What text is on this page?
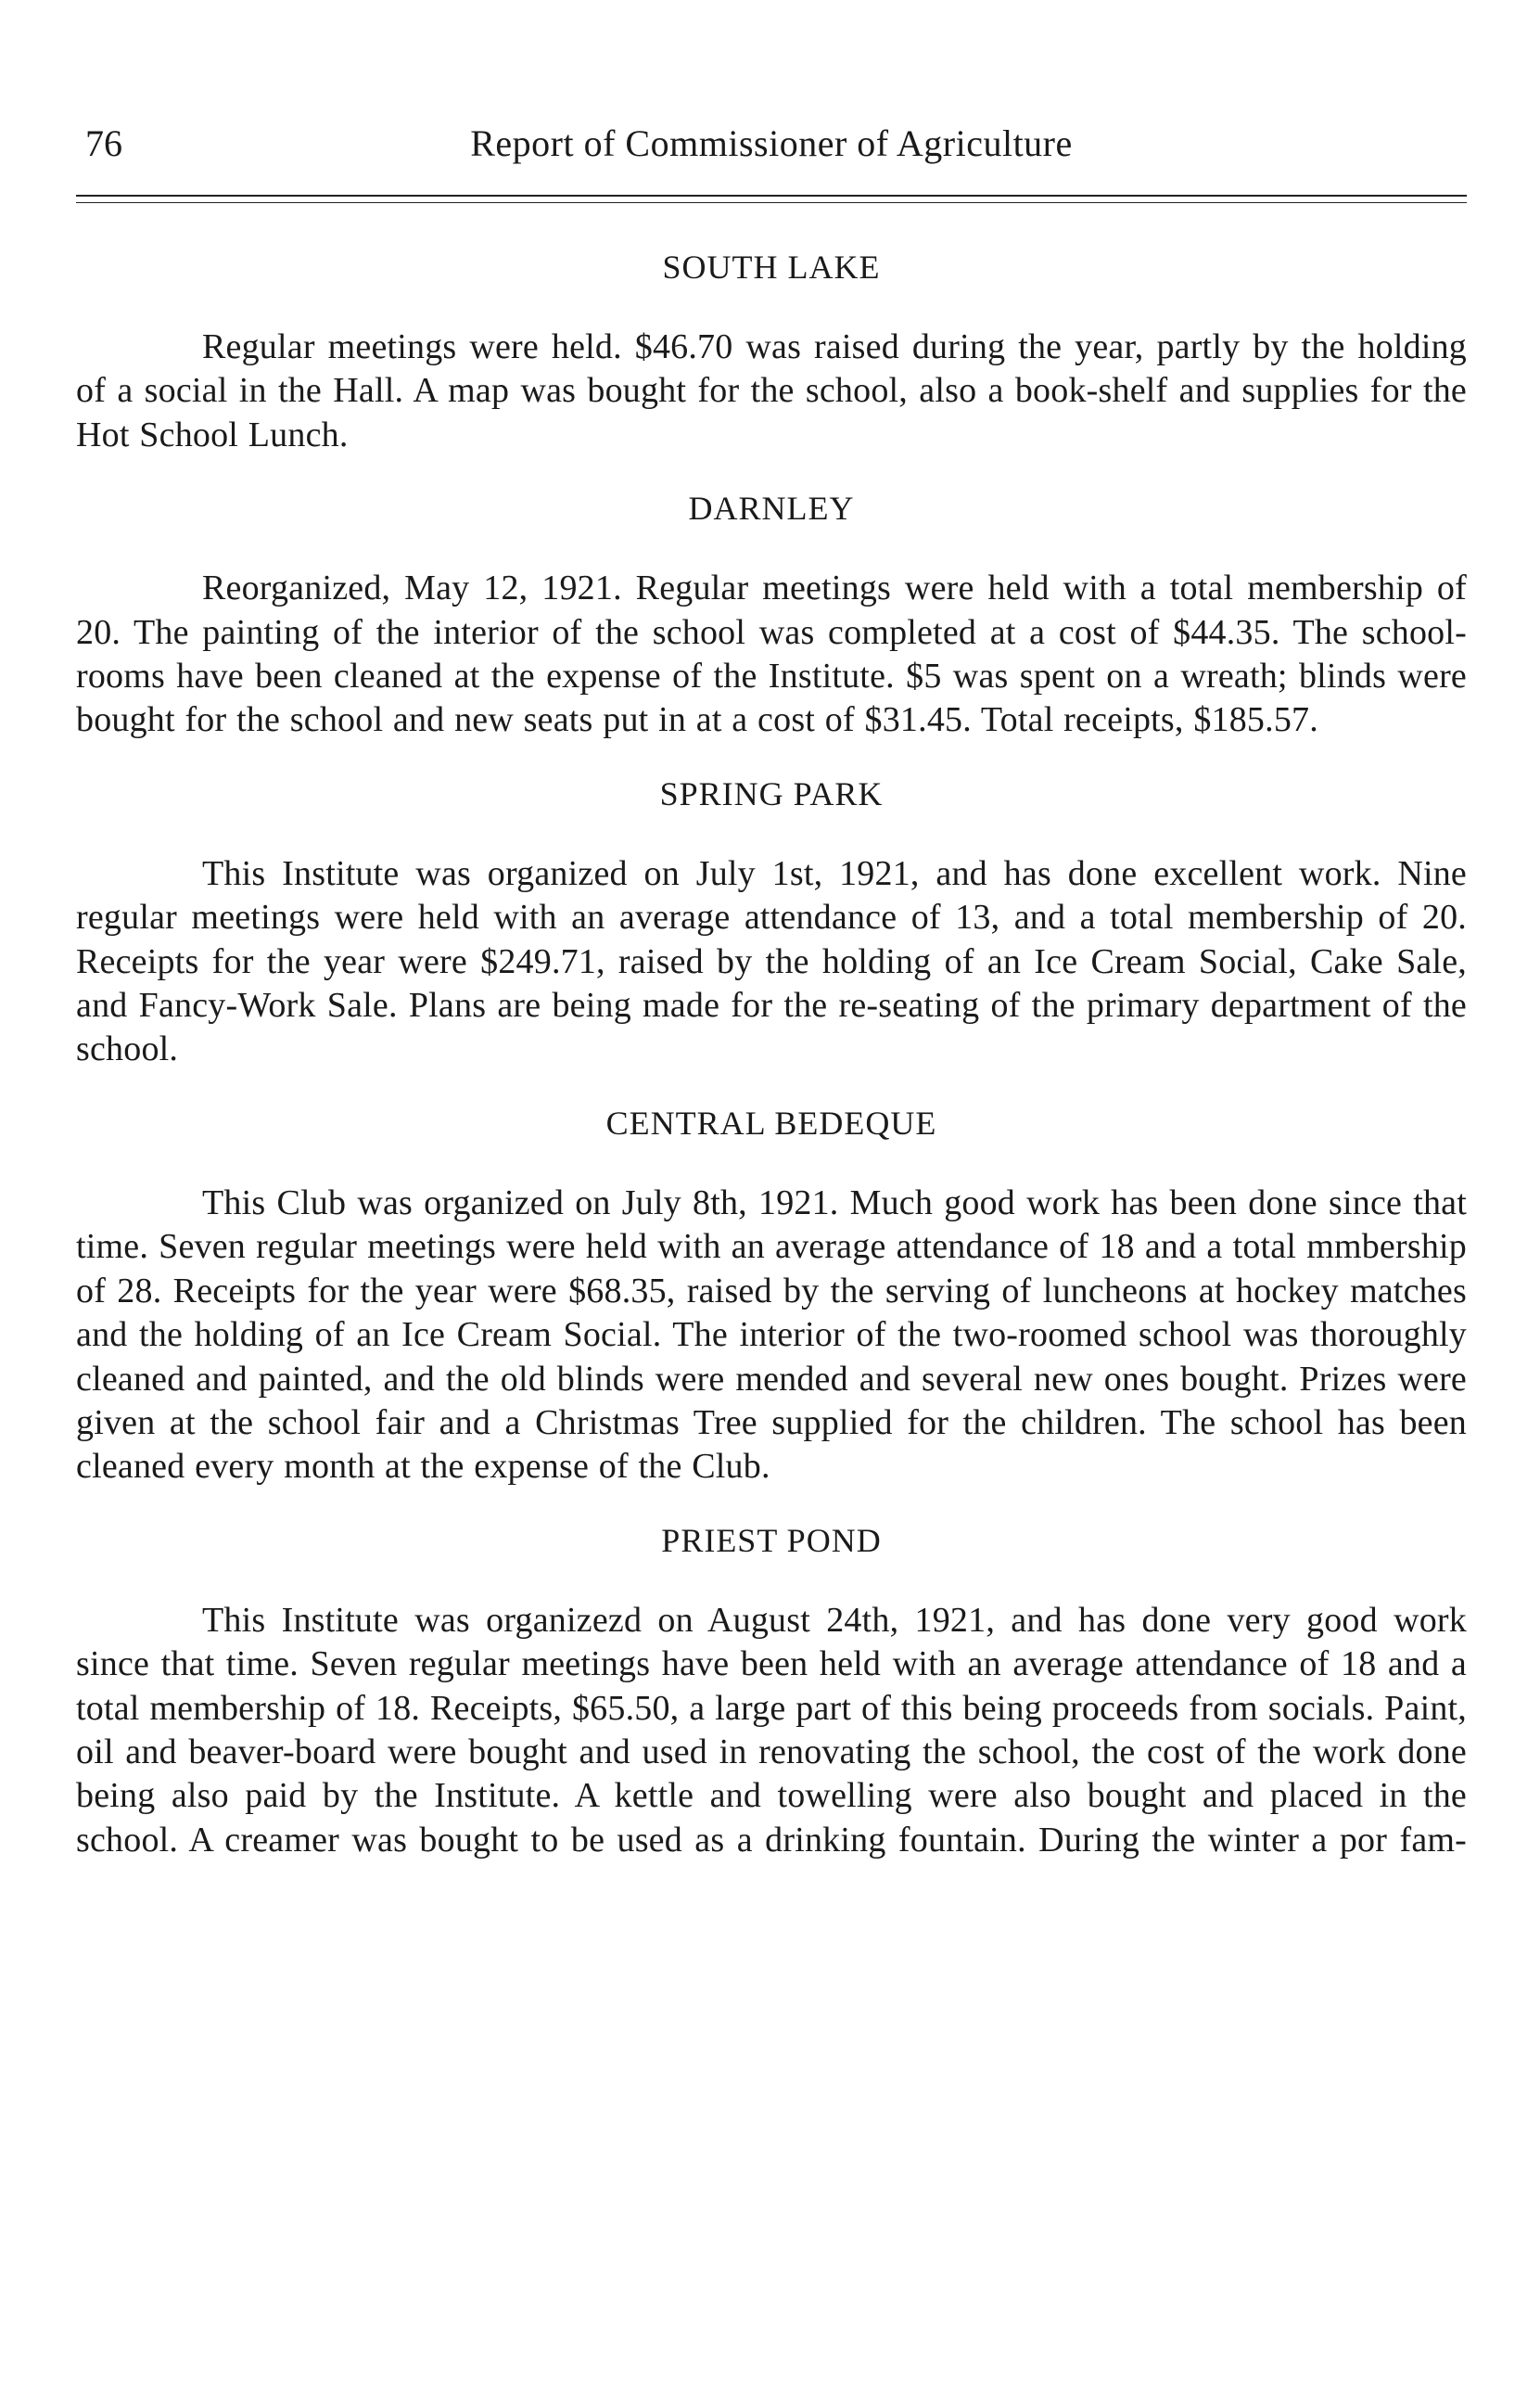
76	Report of Commissioner of Agriculture
SOUTH LAKE

Regular meetings were held. $46.70 was raised during the year, partly by the holding of a social in the Hall. A map was bought for the school, also a book-shelf and supplies for the Hot School Lunch.

DARNLEY

Reorganized, May 12, 1921. Regular meetings were held with a total membership of 20. The painting of the interior of the school was completed at a cost of $44.35. The school-rooms have been cleaned at the expense of the Institute. $5 was spent on a wreath; blinds were bought for the school and new seats put in at a cost of $31.45. Total receipts, $185.57.

SPRING PARK

This Institute was organized on July 1st, 1921, and has done excellent work. Nine regular meetings were held with an average attendance of 13, and a total membership of 20. Receipts for the year were $249.71, raised by the holding of an Ice Cream Social, Cake Sale, and Fancy-Work Sale. Plans are being made for the re-seating of the primary department of the school.

CENTRAL BEDEQUE

This Club was organized on July 8th, 1921. Much good work has been done since that time. Seven regular meetings were held with an average attendance of 18 and a total mmbership of 28. Receipts for the year were $68.35, raised by the serving of luncheons at hockey matches and the holding of an Ice Cream Social. The interior of the two-roomed school was thoroughly cleaned and painted, and the old blinds were mended and several new ones bought. Prizes were given at the school fair and a Christmas Tree supplied for the children. The school has been cleaned every month at the expense of the Club.

PRIEST POND

This Institute was organizezd on August 24th, 1921, and has done very good work since that time. Seven regular meetings have been held with an average attendance of 18 and a total membership of 18. Receipts, $65.50, a large part of this being proceeds from socials. Paint, oil and beaver-board were bought and used in renovating the school, the cost of the work done being also paid by the Institute. A kettle and towelling were also bought and placed in the school. A creamer was bought to be used as a drinking fountain. During the winter a por fam-
